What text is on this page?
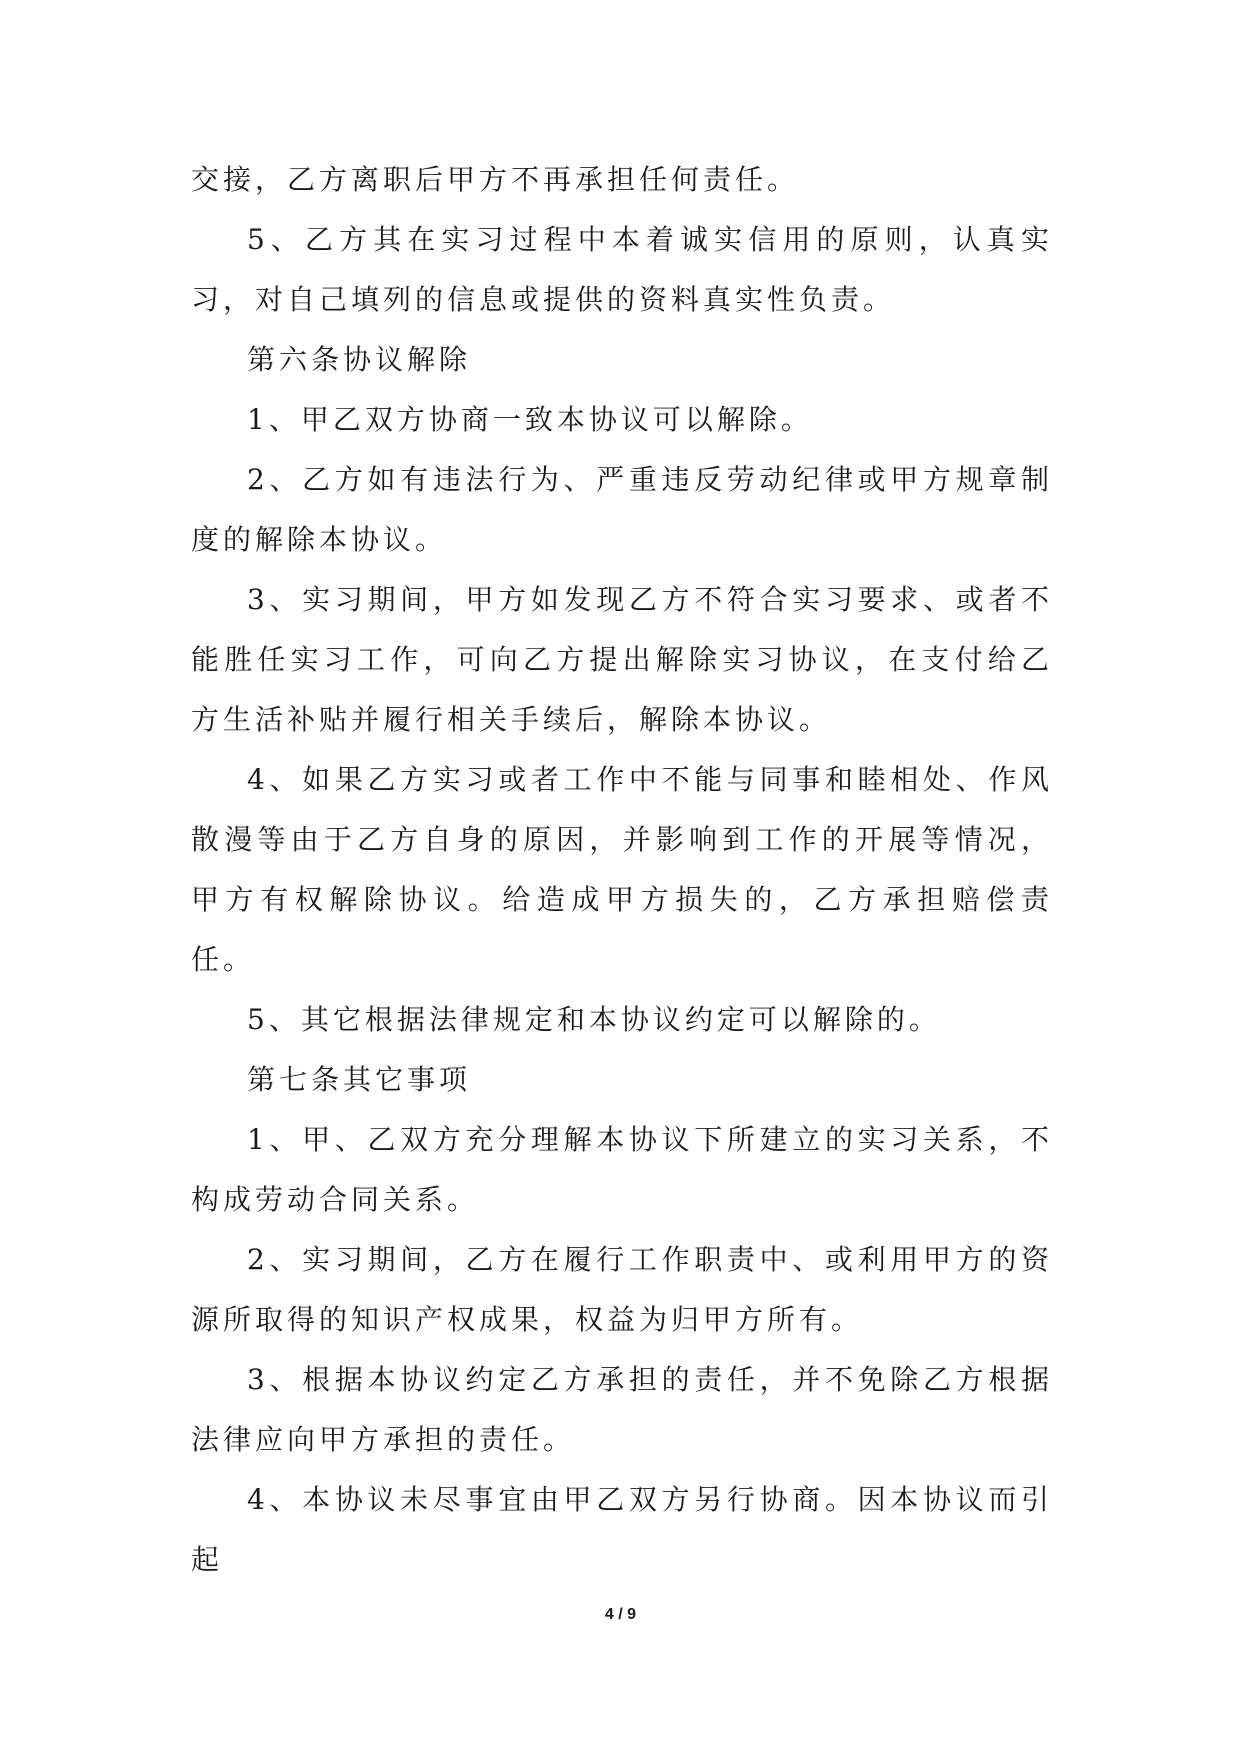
交接，乙方离职后甲方不再承担任何责任。

5、乙方其在实习过程中本着诚实信用的原则，认真实习，对自己填列的信息或提供的资料真实性负责。

第六条协议解除

1、甲乙双方协商一致本协议可以解除。

2、乙方如有违法行为、严重违反劳动纪律或甲方规章制度的解除本协议。

3、实习期间，甲方如发现乙方不符合实习要求、或者不能胜任实习工作，可向乙方提出解除实习协议，在支付给乙方生活补贴并履行相关手续后，解除本协议。

4、如果乙方实习或者工作中不能与同事和睦相处、作风散漫等由于乙方自身的原因，并影响到工作的开展等情况，甲方有权解除协议。给造成甲方损失的，乙方承担赔偿责任。

5、其它根据法律规定和本协议约定可以解除的。

第七条其它事项

1、甲、乙双方充分理解本协议下所建立的实习关系，不构成劳动合同关系。

2、实习期间，乙方在履行工作职责中、或利用甲方的资源所取得的知识产权成果，权益为归甲方所有。

3、根据本协议约定乙方承担的责任，并不免除乙方根据法律应向甲方承担的责任。

4、本协议未尽事宜由甲乙双方另行协商。因本协议而引起

4 / 9
